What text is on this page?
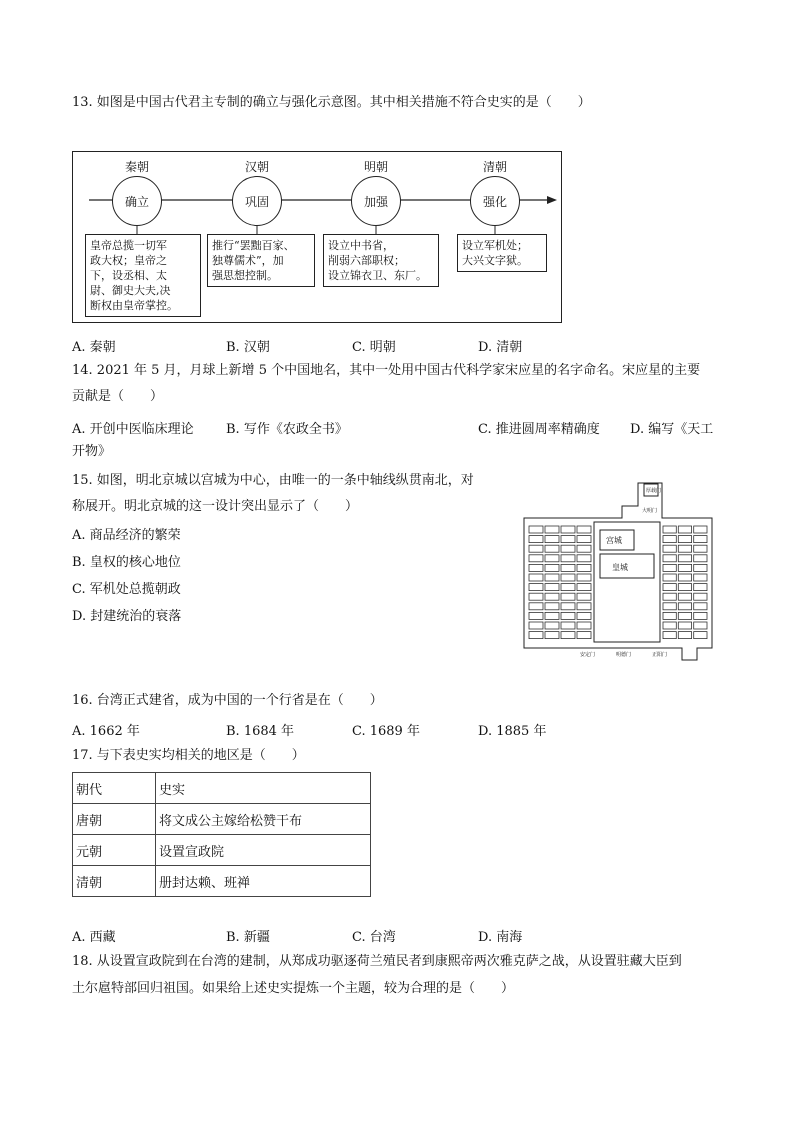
13. 如图是中国古代君主专制的确立与强化示意图。其中相关措施不符合史实的是（　　）
秦朝	汉朝	明朝	清朝
确立	巩固	加强	强化
皇帝总揽一切军
政大权；皇帝之
下，设丞相、太
尉、御史大夫,决
断权由皇帝掌控。
推行“罢黜百家、
独尊儒术”，加
强思想控制。
设立中书省，
削弱六部职权；
设立锦衣卫、东厂。
设立军机处；
大兴文字狱。
A. 秦朝	B. 汉朝	C. 明朝	D. 清朝
14. 2021 年 5 月，月球上新增 5 个中国地名，其中一处用中国古代科学家宋应星的名字命名。宋应星的主要
贡献是（　　）
A. 开创中医临床理论 B. 写作《农政全书》	C. 推进圆周率精确度 D. 编写《天工
开物》
15. 如图，明北京城以宫城为中心，由唯一的一条中轴线纵贯南北，对
称展开。明北京城的这一设计突出显示了（　　）
A. 商品经济的繁荣
B. 皇权的核心地位
C. 军机处总揽朝政
D. 封建统治的衰落
厚载门
大明门
宫城
皇城
安定门	明德门	正阳门
16. 台湾正式建省，成为中国的一个行省是在（　　）
A. 1662 年	B. 1684 年	C. 1689 年	D. 1885 年
17. 与下表史实均相关的地区是（　　）
朝代	史实
唐朝	将文成公主嫁给松赞干布
元朝	设置宣政院
清朝	册封达赖、班禅
A. 西藏	B. 新疆	C. 台湾	D. 南海
18. 从设置宣政院到在台湾的建制，从郑成功驱逐荷兰殖民者到康熙帝两次雅克萨之战，从设置驻藏大臣到
土尔扈特部回归祖国。如果给上述史实提炼一个主题，较为合理的是（　　）
